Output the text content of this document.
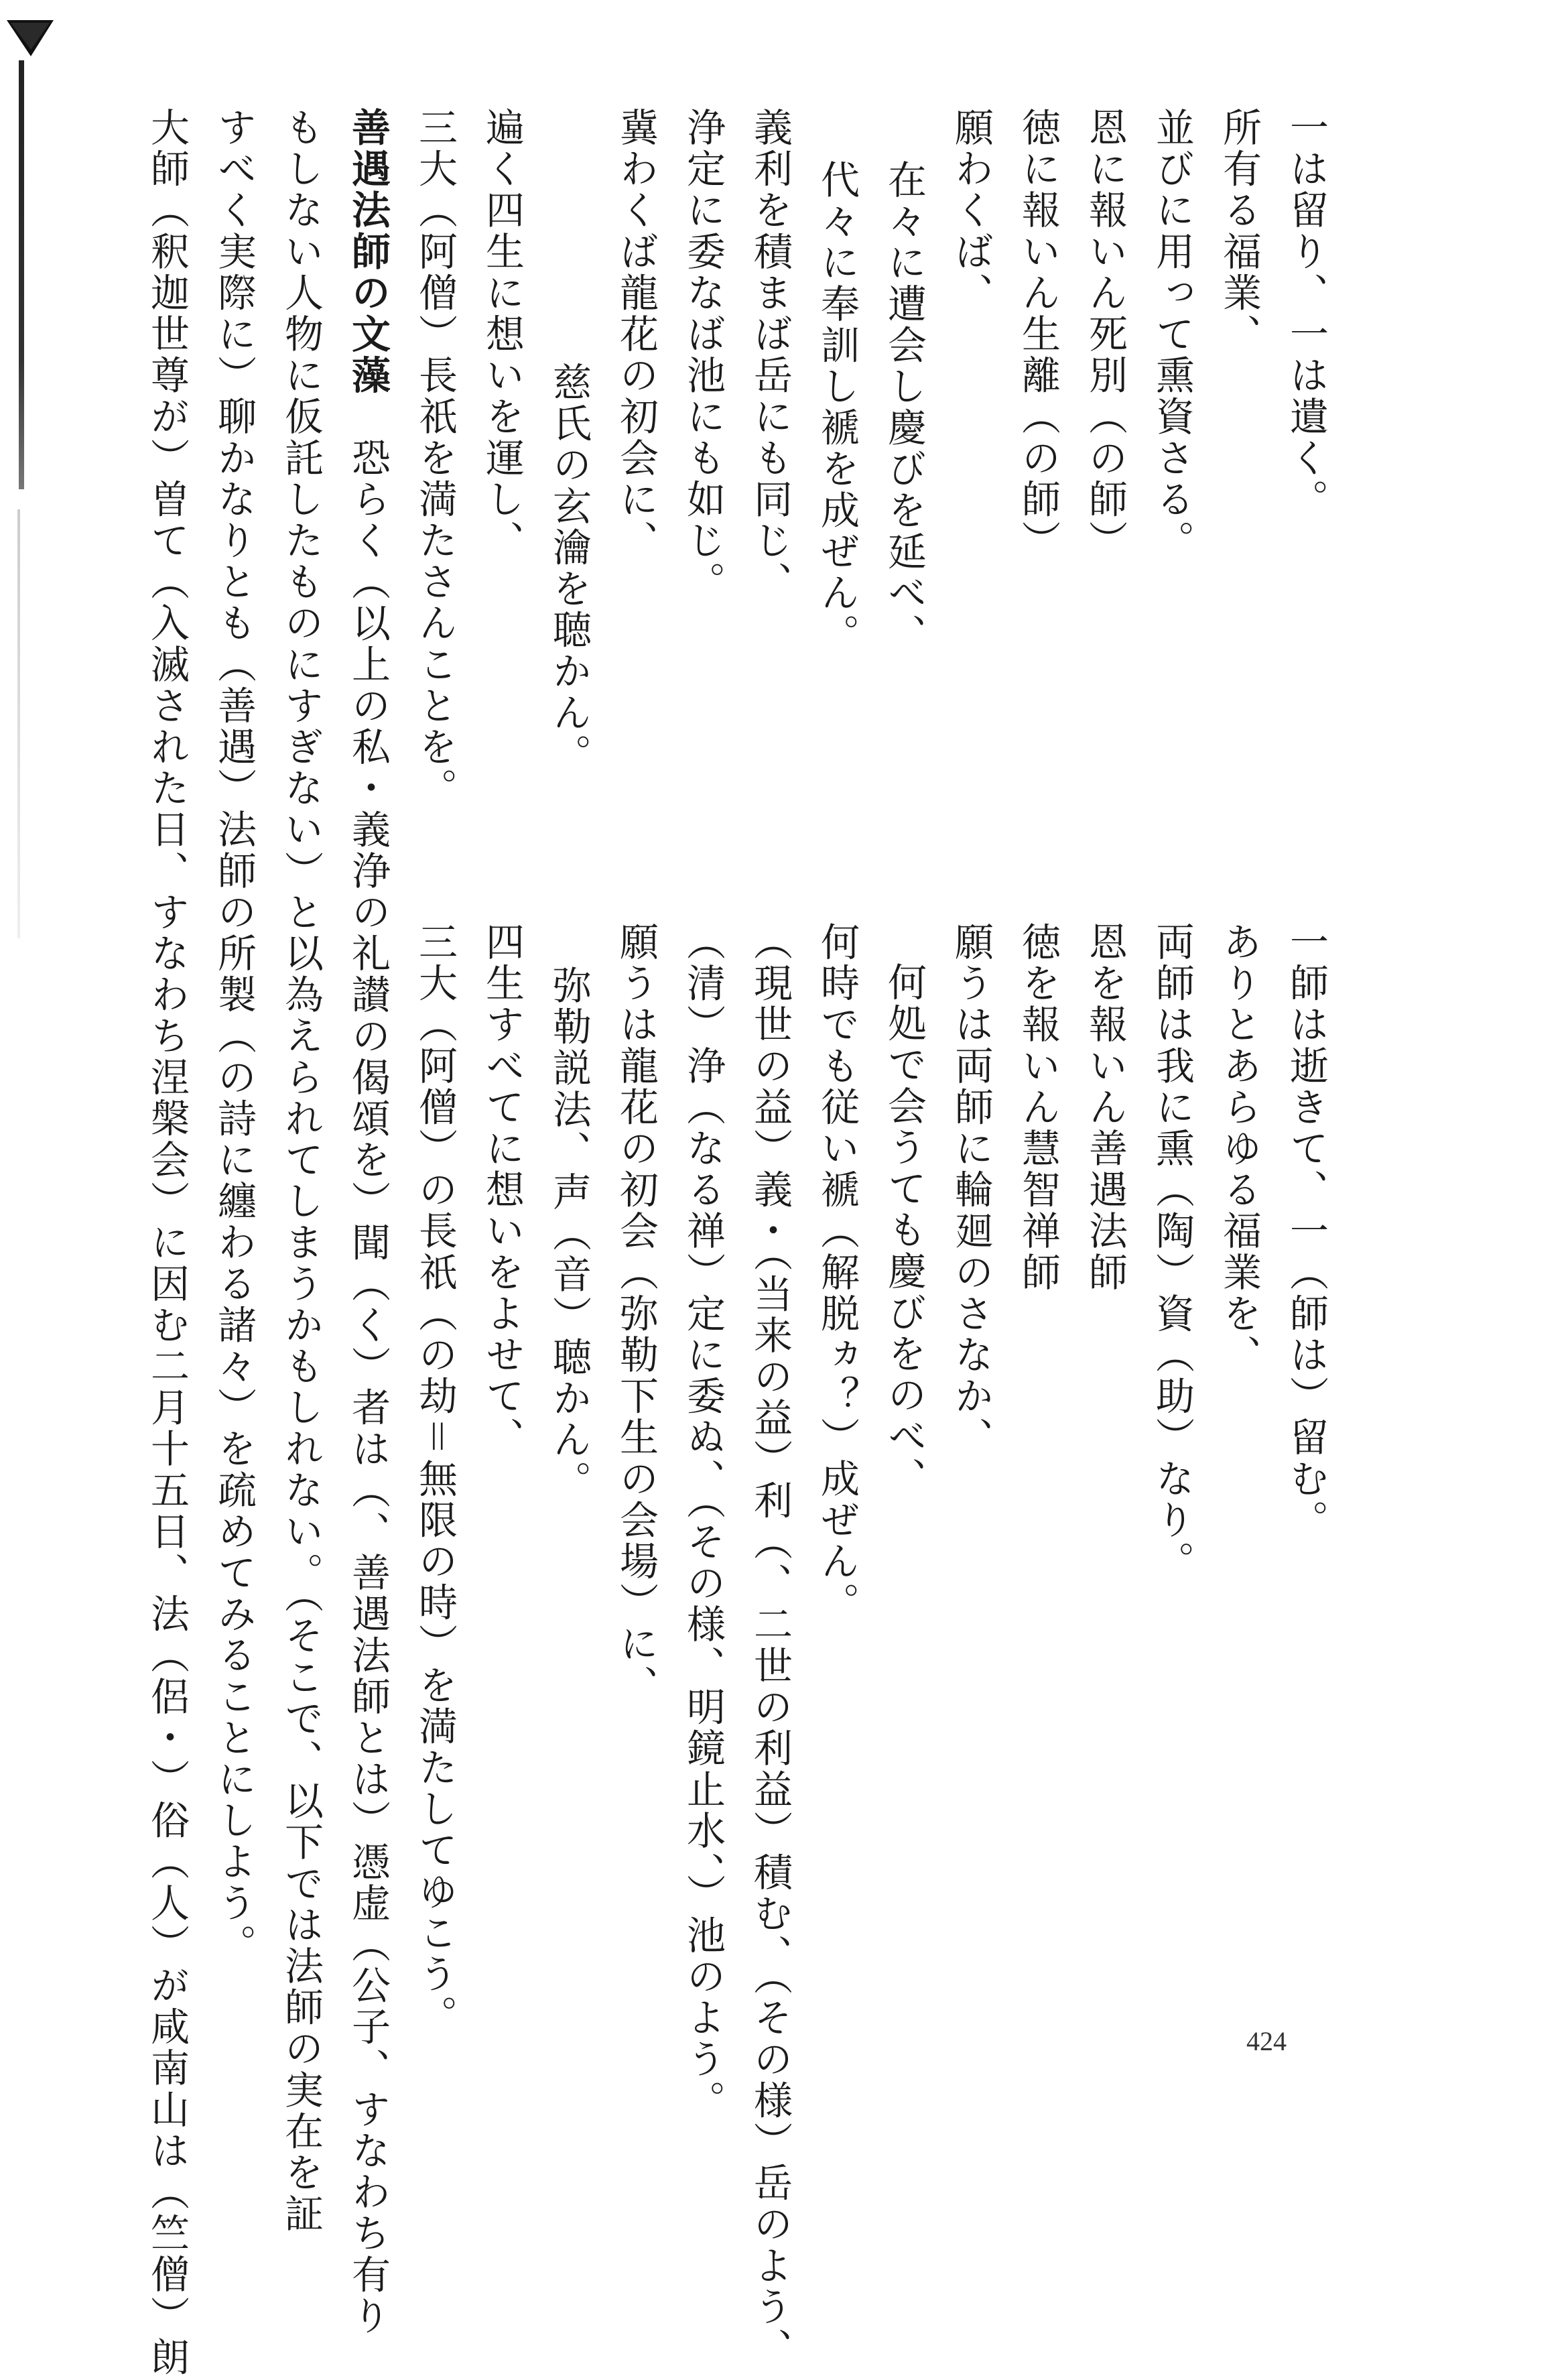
一は留り、一は遺く。
所有る福業、
並びに用って熏資さる。
恩に報いん死別（の師）
徳に報いん生離（の師）
願わくば、
在々に遭会し慶びを延べ、
代々に奉訓し褫を成ぜん。
義利を積まば岳にも同じ、
浄定に委なば池にも如じ。
冀わくば龍花の初会に、
慈氏の玄瀹を聴かん。
遍く四生に想いを運し、
三大（阿僧）長祇を満たさんことを。
一師は逝きて、一（師は）留む。
ありとあらゆる福業を、
両師は我に熏（陶）資（助）なり。
恩を報いん善遇法師
徳を報いん慧智禅師
願うは両師に輪廻のさなか、
何処で会うても慶びをのべ、
何時でも従い褫（解脱ヵ？）成ぜん。
（現世の益）義・（当来の益）利（、二世の利益）積む、（その様）岳のよう、
（清）浄（なる禅）定に委ぬ、（その様、明鏡止水、）池のよう。
願うは龍花の初会（弥勒下生の会場）に、
弥勒説法、声（音）聴かん。
四生すべてに想いをよせて、
三大（阿僧）の長祇（の劫＝無限の時）を満たしてゆこう。
善遇法師の文藻　恐らく（以上の私・義浄の礼讃の偈頌を）聞（く）者は（、善遇法師とは）憑虚（公子、すなわち有り
もしない人物に仮託したものにすぎない）と以為えられてしまうかもしれない。（そこで、以下では法師の実在を証
すべく実際に）聊かなりとも（善遇）法師の所製（の詩に纏わる諸々）を疏めてみることにしよう。
大師（釈迦世尊が）曽て（入滅された日、すなわち涅槃会）に因む二月十五日、法（侶・）俗（人）が咸南山は（竺僧）朗	424
